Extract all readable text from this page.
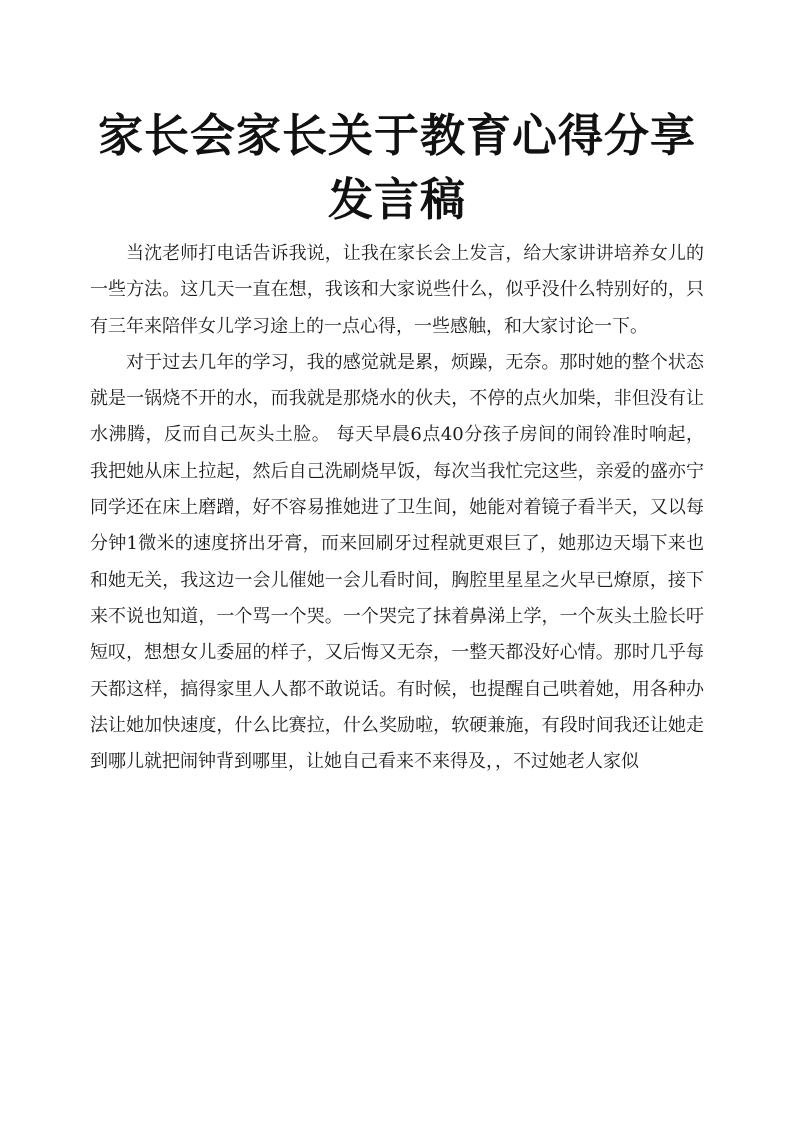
家长会家长关于教育心得分享发言稿

当沈老师打电话告诉我说，让我在家长会上发言，给大家讲讲培养女儿的一些方法。这几天一直在想，我该和大家说些什么，似乎没什么特别好的，只有三年来陪伴女儿学习途上的一点心得，一些感触，和大家讨论一下。

对于过去几年的学习，我的感觉就是累，烦躁，无奈。那时她的整个状态就是一锅烧不开的水，而我就是那烧水的伙夫，不停的点火加柴，非但没有让水沸腾，反而自己灰头土脸。 每天早晨6点40分孩子房间的闹铃准时响起，我把她从床上拉起，然后自己洗刷烧早饭，每次当我忙完这些，亲爱的盛亦宁同学还在床上磨蹭，好不容易推她进了卫生间，她能对着镜子看半天，又以每分钟1微米的速度挤出牙膏，而来回刷牙过程就更艰巨了，她那边天塌下来也和她无关，我这边一会儿催她一会儿看时间，胸腔里星星之火早已燎原，接下来不说也知道，一个骂一个哭。一个哭完了抹着鼻涕上学，一个灰头土脸长吁短叹，想想女儿委屈的样子，又后悔又无奈，一整天都没好心情。那时几乎每天都这样，搞得家里人人都不敢说话。有时候，也提醒自己哄着她，用各种办法让她加快速度，什么比赛拉，什么奖励啦，软硬兼施，有段时间我还让她走到哪儿就把闹钟背到哪里，让她自己看来不来得及，，不过她老人家似
